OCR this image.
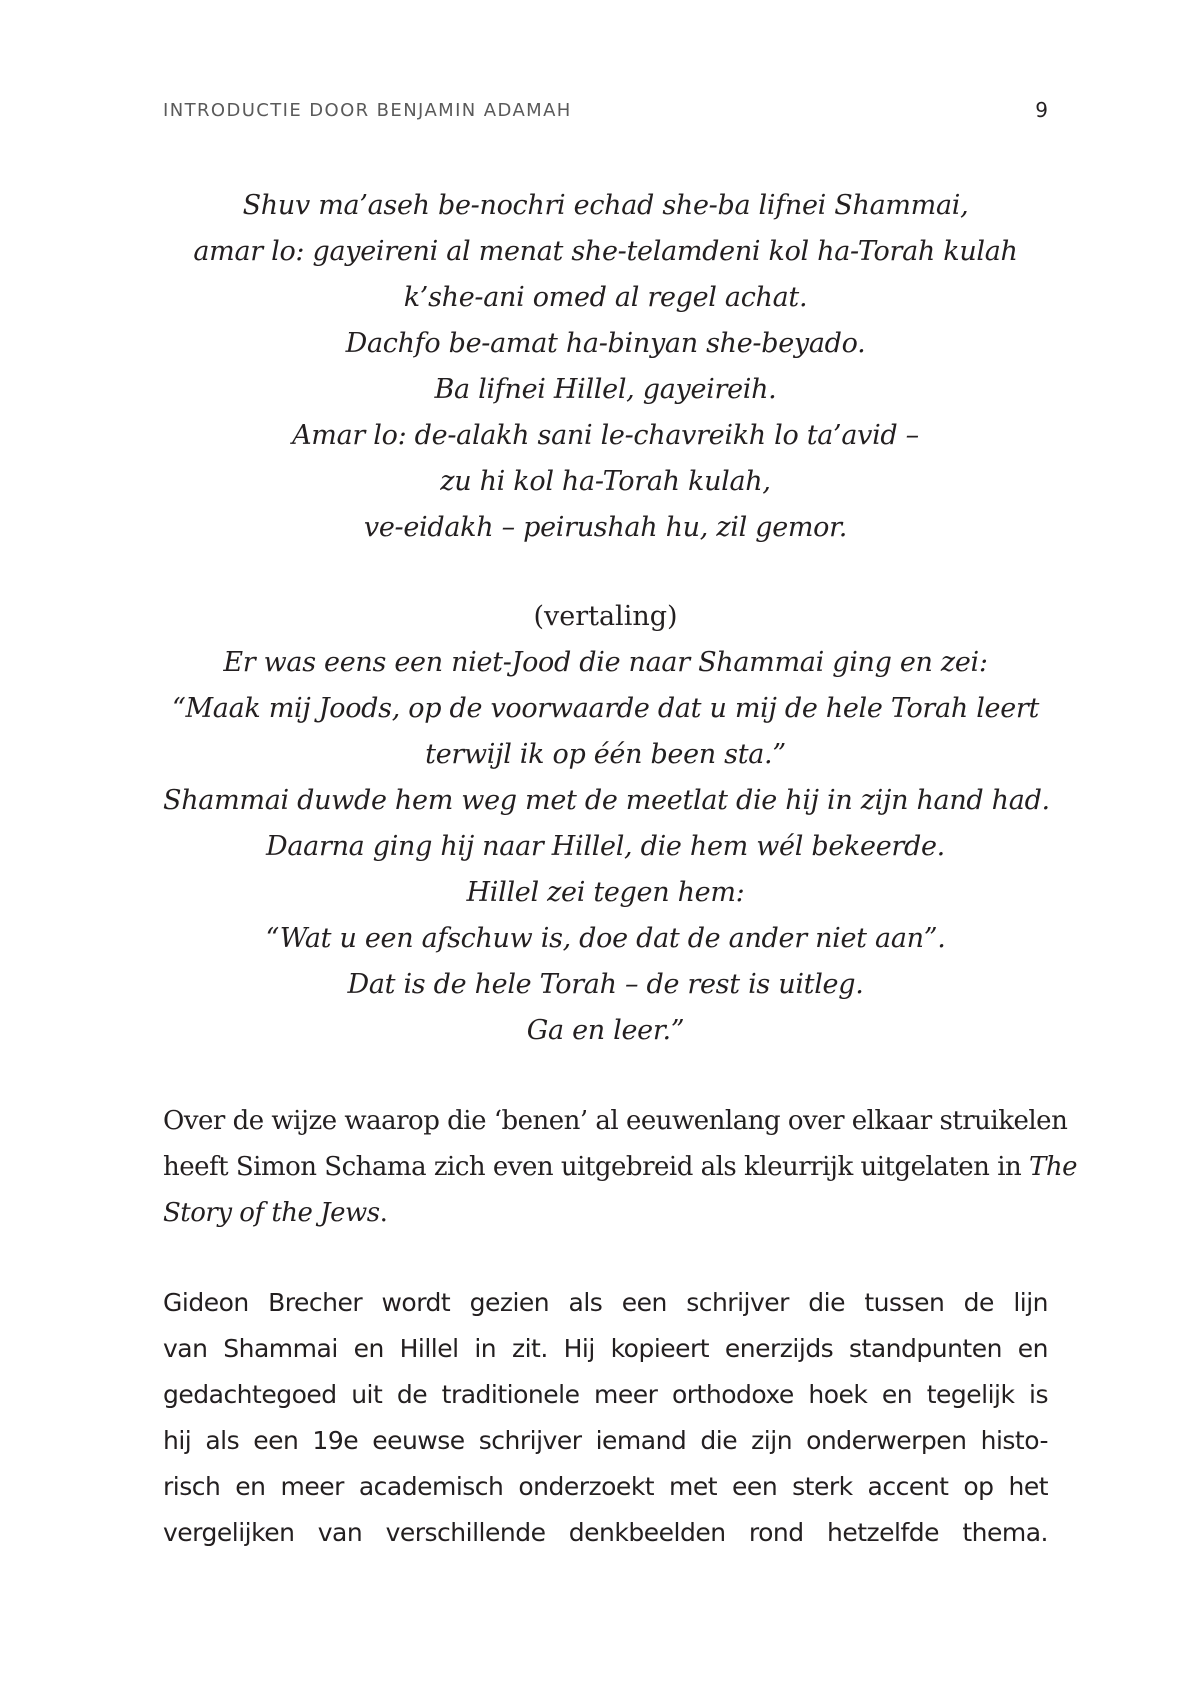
INTRODUCTIE DOOR BENJAMIN ADAMAH	9
Shuv ma’aseh be-nochri echad she-ba lifnei Shammai,
amar lo: gayeireni al menat she-telamdeni kol ha-Torah kulah
k’she-ani omed al regel achat.
Dachfo be-amat ha-binyan she-beyado.
Ba lifnei Hillel, gayeireih.
Amar lo: de-alakh sani le-chavreikh lo ta’avid –
zu hi kol ha-Torah kulah,
ve-eidakh – peirushah hu, zil gemor.
(vertaling)
Er was eens een niet-Jood die naar Shammai ging en zei:
“Maak mij Joods, op de voorwaarde dat u mij de hele Torah leert
terwijl ik op één been sta.”
Shammai duwde hem weg met de meetlat die hij in zijn hand had.
Daarna ging hij naar Hillel, die hem wél bekeerde.
Hillel zei tegen hem:
“Wat u een afschuw is, doe dat de ander niet aan”.
Dat is de hele Torah – de rest is uitleg.
Ga en leer.”
Over de wijze waarop die ‘benen’ al eeuwenlang over elkaar struikelen
heeft Simon Schama zich even uitgebreid als kleurrijk uitgelaten in The
Story of the Jews.
Gideon Brecher wordt gezien als een schrijver die tussen de lijn
van Shammai en Hillel in zit. Hij kopieert enerzijds standpunten en
gedachtegoed uit de traditionele meer orthodoxe hoek en tegelijk is
hij als een 19e eeuwse schrijver iemand die zijn onderwerpen histo-
risch en meer academisch onderzoekt met een sterk accent op het
vergelijken van verschillende denkbeelden rond hetzelfde thema.
